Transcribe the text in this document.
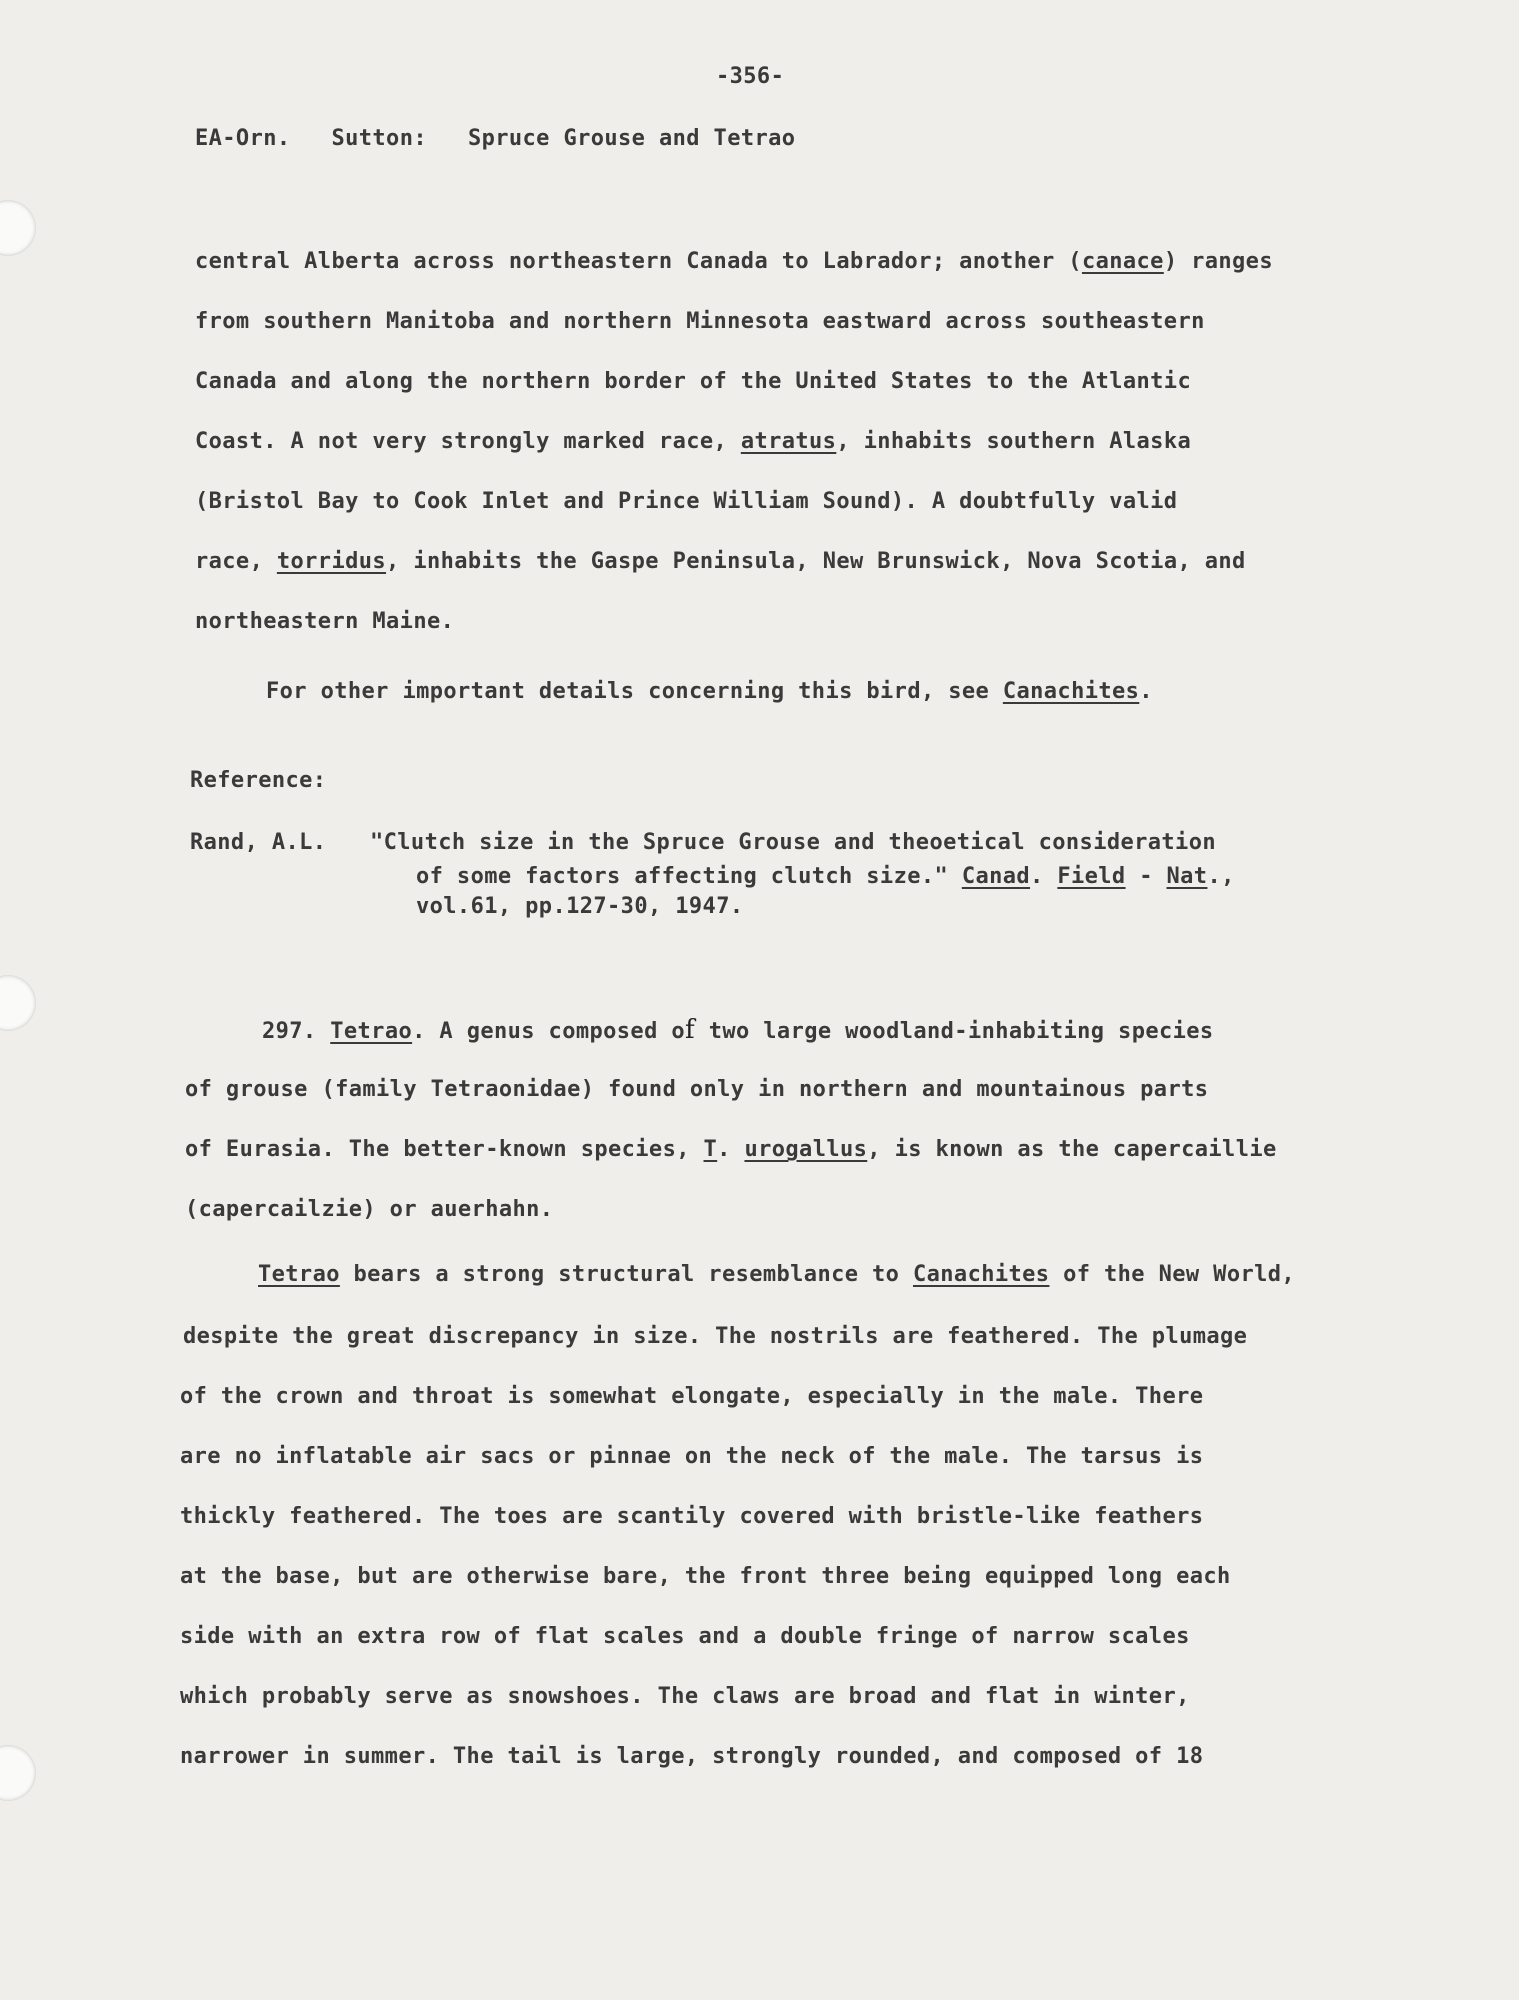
-356-
EA-Orn. Sutton: Spruce Grouse and Tetrao
central Alberta across northeastern Canada to Labrador; another (canace) ranges
from southern Manitoba and northern Minnesota eastward across southeastern
Canada and along the northern border of the United States to the Atlantic
Coast. A not very strongly marked race, atratus, inhabits southern Alaska
(Bristol Bay to Cook Inlet and Prince William Sound). A doubtfully valid
race, torridus, inhabits the Gaspe Peninsula, New Brunswick, Nova Scotia, and
northeastern Maine.
For other important details concerning this bird, see Canachites.
Reference:
Rand, A.L. "Clutch size in the Spruce Grouse and theoetical consideration
of some factors affecting clutch size." Canad. Field - Nat.,
vol.61, pp.127-30, 1947.
297. Tetrao. A genus composed of two large woodland-inhabiting species
of grouse (family Tetraonidae) found only in northern and mountainous parts
of Eurasia. The better-known species, T. urogallus, is known as the capercaillie
(capercailzie) or auerhahn.
Tetrao bears a strong structural resemblance to Canachites of the New World,
despite the great discrepancy in size. The nostrils are feathered. The plumage
of the crown and throat is somewhat elongate, especially in the male. There
are no inflatable air sacs or pinnae on the neck of the male. The tarsus is
thickly feathered. The toes are scantily covered with bristle-like feathers
at the base, but are otherwise bare, the front three being equipped long each
side with an extra row of flat scales and a double fringe of narrow scales
which probably serve as snowshoes. The claws are broad and flat in winter,
narrower in summer. The tail is large, strongly rounded, and composed of 18
